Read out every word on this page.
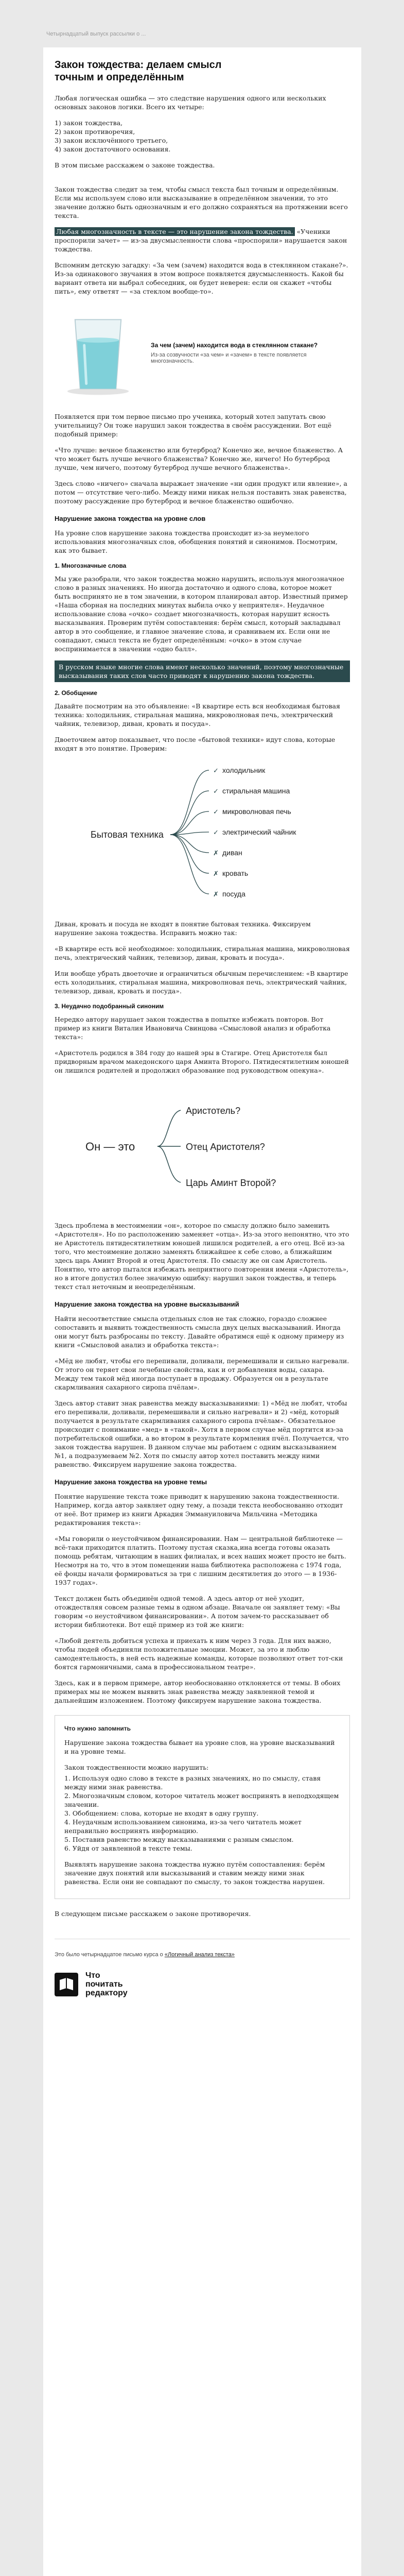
Четырнадцатый выпуск рассылки о ...
Закон тождества: делаем смысл точным и определённым

Любая логическая ошибка — это следствие нарушения одного или нескольких основных законов логики. Всего их четыре:

1) закон тождества,

2) закон противоречия,

3) закон исключённого третьего,

4) закон достаточного основания.

В этом письме расскажем о законе тождества.

Закон тождества следит за тем, чтобы смысл текста был точным и определённым. Если мы используем слово или высказывание в определённом значении, то это значение должно быть однозначным и его должно сохраняться на протяжении всего текста.

Любая многозначность в тексте — это нарушение закона тождества. «Учeники проспорили зачет» — из-за двусмысленности слова «проспорили» нарушается закон тождества.

Вспомним детскую загадку: «За чем (зачем) находится вода в стеклянном стакане?». Из-за одинакового звучания в этом вопросе появляется двусмысленность. Какой бы вариант ответа ни выбрал собеседник, он будет неверен: если он скажет «чтобы пить», ему ответят — «за стеклом вообще-то».

За чем (зачем) находится вода в стеклянном стакане?
Из-за созвучности «за чем» и «зачем» в тексте появляется многозначность.

Появляется при том первое письмо про ученика, который хотел запутать свою учительницу? Он тоже нарушил закон тождества в своём рассуждении. Вот ещё подобный пример:

«Что лучше: вечное блаженство или бутерброд? Конечно же, вечное блаженство. А что может быть лучше вечного блаженства? Конечно же, ничего! Но бутерброд лучше, чем ничего, поэтому бутерброд лучше вечного блаженства».

Здесь слово «ничего» сначала выражает значение «ни один продукт или явление», а потом — отсутствие чего-либо. Между ними никак нельзя поставить знак равенства, поэтому рассуждение про бутерброд и вечное блаженство ошибочно.

Нарушение закона тождества на уровне слов

На уровне слов нарушение закона тождества происходит из-за неумелого использования многозначных слов, обобщения понятий и синонимов. Посмотрим, как это бывает.

1. Многозначные слова

Мы уже разобрали, что закон тождества можно нарушить, используя многозначное слово в разных значениях. Но иногда достаточно и одного слова, которое может быть воспринято не в том значении, в котором планировал автор. Известный пример «Наша сборная на последних минутах выбила очко у неприятеля». Неудачное использование слова «очко» создает многозначность, которая нарушит ясность высказывания. Проверим путём сопоставления: берём смысл, который закладывал автор в это сообщение, и главное значение слова, и сравниваем их. Если они не совпадают, смысл текста не будет определённым: «очко» в этом случае воспринимается в значении «одно балл».

В русском языке многие слова имеют несколько значений, поэтому многозначные высказывания таких слов часто приводят к нарушению закона тождества.
2. Обобщение

Давайте посмотрим на это объявление: «В квартире есть вся необходимая бытовая техника: холодильник, стиральная машина, микроволновая печь, электрический чайник, телевизор, диван, кровать и посуда».

Двоеточием автор показывает, что после «бытовой техники» идут слова, которые входят в это понятие. Проверим:

Бытовая техника
✓ холодильник
✓ стиральная машина
✓ микроволновая печь
✓ электрический чайник
✗ диван
✗ кровать
✗ посуда

Диван, кровать и посуда не входят в понятие бытовая техника. Фиксируем нарушение закона тождества. Исправить можно так:

«В квартире есть всё необходимое: холодильник, стиральная машина, микроволновая печь, электрический чайник, телевизор, диван, кровать и посуда».

Или вообще убрать двоеточие и ограничиться обычным перечислением: «В квартире есть холодильник, стиральная машина, микроволновая печь, электрический чайник, телевизор, диван, кровать и посуда».

3. Неудачно подобранный синоним

Нередко автору нарушает закон тождества в попытке избежать повторов. Вот пример из книги Виталия Ивановича Свинцова «Смысловой анализ и обработка текста»:

«Аристотель родился в 384 году до нашей эры в Стагире. Отец Аристотеля был придворным врачом македонского царя Аминта Второго. Пятидесятилетним юношей он лишился родителей и продолжил образование под руководством опекуна».

Он — это
Аристотель?
Отец Аристотеля?
Царь Аминт Второй?

Здесь проблема в местоимении «он», которое по смыслу должно было заменить «Аристотеля». Но по расположению заменяет «отца». Из-за этого непонятно, что это не Аристотель пятидесятилетним юношей лишился родителей, а его отец. Всё из-за того, что местоимение должно заменять ближайшее к себе слово, а ближайшим здесь царь Аминт Второй и отец Аристотеля. По смыслу же он сам Аристотель. Понятно, что автор пытался избежать неприятного повторения имени «Аристотель», но в итоге допустил более значимую ошибку: нарушил закон тождества, и теперь текст стал неточным и неопределённым.

Нарушение закона тождества на уровне высказываний

Найти несоответствие смысла отдельных слов не так сложно, гораздо сложнее сопоставить и выявить тождественность смысла двух целых высказываний. Иногда они могут быть разбросаны по тексту. Давайте обратимся ещё к одному примеру из книги «Смысловой анализ и обработка текста»:

«Мёд не любят, чтобы его перепивали, доливали, перемешивали и сильно нагревали. От этого он теряет свои лечебные свойства, как и от добавления воды, сахара. Между тем такой мёд иногда поступает в продажу. Образуется он в результате скармливания сахарного сиропа пчёлам».

Здесь автор ставит знак равенства между высказываниями: 1) «Мёд не любят, чтобы его перепивали, доливали, перемешивали и сильно нагревали» и 2) «мёд, который получается в результате скармливания сахарного сиропа пчёлам». Обязательное происходит с понимание «мед» в «такой». Хотя в первом случае мёд портится из-за потребительской ошибки, а во втором в результате кормления пчёл. Получается, что закон тождества нарушен. В данном случае мы работаем с одним высказыванием №1, а подразумеваем №2. Хотя по смыслу автор хотел поставить между ними равенство. Фиксируем нарушение закона тождества.

Нарушение закона тождества на уровне темы

Понятие нарушение текста тоже приводит к нарушению закона тождественности. Например, когда автор заявляет одну тему, а позади текста необоснованно отходит от неё. Вот пример из книги Аркадия Эммануиловича Мильчина «Методика редактирования текста»:

«Мы говорили о неустойчивом финансировании. Нам — центральной библиотеке — всё-таки приходится платить. Поэтому пустая сказка,ина всегда готовы оказать помощь ребятам, читающим в наших филиалах, и всех наших может просто не быть. Несмотря на то, что в этом помещении наша библиотека расположена с 1974 года, её фонды начали формироваться за три с лишним десятилетия до этого — в 1936-1937 годах».

Текст должен быть объединён одной темой. А здесь автор от неё уходит, отождествляя совсем разные темы в одном абзаце. Вначале он заявляет тему: «Вы говорим «о неустойчивом финансировании». А потом зачем-то рассказывает об истории библиотеки. Вот ещё пример из той же книги:

«Любой деятель добиться успеха и приехать к ним через 3 года. Для них важно, чтобы людей объединяли положительные эмоции. Может, за это и люблю самодеятельность, в ней есть надежные команды, которые позволяют ответ тот-ски боятся гармоничными, сама в профессиональном театре».

Здесь, как и в первом примере, автор необоснованно отклоняется от темы. В обоих примерах мы не можем выявить знак равенства между заявленной темой и дальнейшим изложением. Поэтому фиксируем нарушение закона тождества.

Что нужно запомнить

Нарушение закона тождества бывает на уровне слов, на уровне высказываний и на уровне темы.

Закон тождественности можно нарушить:

1. Используя одно слово в тексте в разных значениях, но по смыслу, ставя между ними знак равенства.

2. Многозначным словом, которое читатель может воспринять в неподходящем значении.

3. Обобщением: слова, которые не входят в одну группу.

4. Неудачным использованием синонима, из-за чего читатель может неправильно воспринять информацию.

5. Поставив равенство между высказываниями с разным смыслом.

6. Уйдя от заявленной в тексте темы.

Выявлять нарушение закона тождества нужно путём сопоставления: берём значение двух понятий или высказываний и ставим между ними знак равенства. Если они не совпадают по смыслу, то закон тождества нарушен.

В следующем письме расскажем о законе противоречия.

Это было четырнадцатое письмо курса о «Логичный анализ текста»
Что
почитать
редактору
